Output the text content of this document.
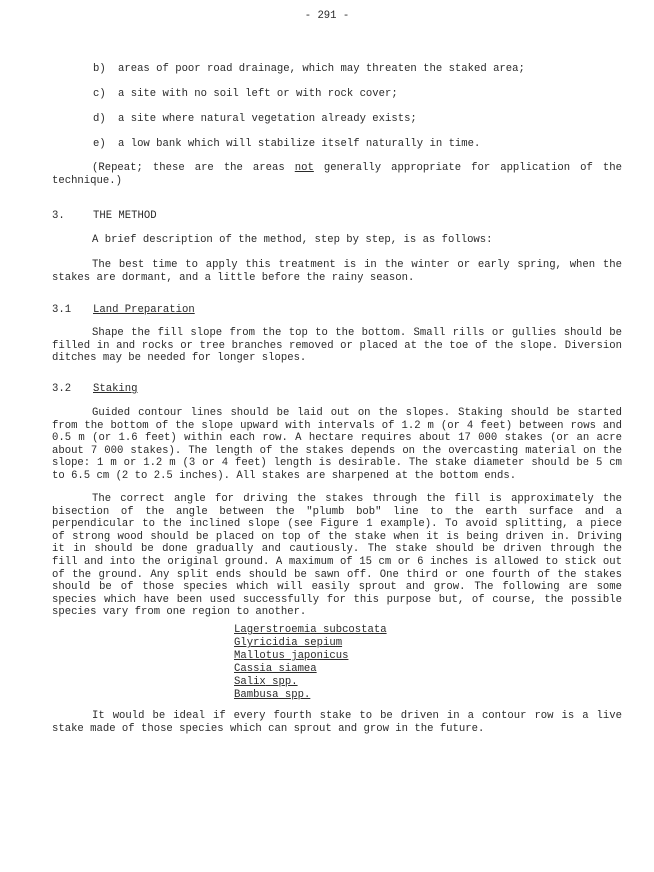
- 291 -
b) areas of poor road drainage, which may threaten the staked area;
c) a site with no soil left or with rock cover;
d) a site where natural vegetation already exists;
e) a low bank which will stabilize itself naturally in time.
(Repeat; these are the areas not generally appropriate for application of the technique.)
3.	THE METHOD
A brief description of the method, step by step, is as follows:
The best time to apply this treatment is in the winter or early spring, when the stakes are dormant, and a little before the rainy season.
3.1 Land Preparation
Shape the fill slope from the top to the bottom. Small rills or gullies should be filled in and rocks or tree branches removed or placed at the toe of the slope. Diversion ditches may be needed for longer slopes.
3.2 Staking
Guided contour lines should be laid out on the slopes. Staking should be started from the bottom of the slope upward with intervals of 1.2 m (or 4 feet) between rows and 0.5 m (or 1.6 feet) within each row. A hectare requires about 17 000 stakes (or an acre about 7 000 stakes). The length of the stakes depends on the overcasting material on the slope: 1 m or 1.2 m (3 or 4 feet) length is desirable. The stake diameter should be 5 cm to 6.5 cm (2 to 2.5 inches). All stakes are sharpened at the bottom ends.
The correct angle for driving the stakes through the fill is approximately the bisection of the angle between the "plumb bob" line to the earth surface and a perpendicular to the inclined slope (see Figure 1 example). To avoid splitting, a piece of strong wood should be placed on top of the stake when it is being driven in. Driving it in should be done gradually and cautiously. The stake should be driven through the fill and into the original ground. A maximum of 15 cm or 6 inches is allowed to stick out of the ground. Any split ends should be sawn off. One third or one fourth of the stakes should be of those species which will easily sprout and grow. The following are some species which have been used successfully for this purpose but, of course, the possible species vary from one region to another.
Lagerstroemia subcostata
Glyricidia sepium
Mallotus japonicus
Cassia siamea
Salix spp.
Bambusa spp.
It would be ideal if every fourth stake to be driven in a contour row is a live stake made of those species which can sprout and grow in the future.
